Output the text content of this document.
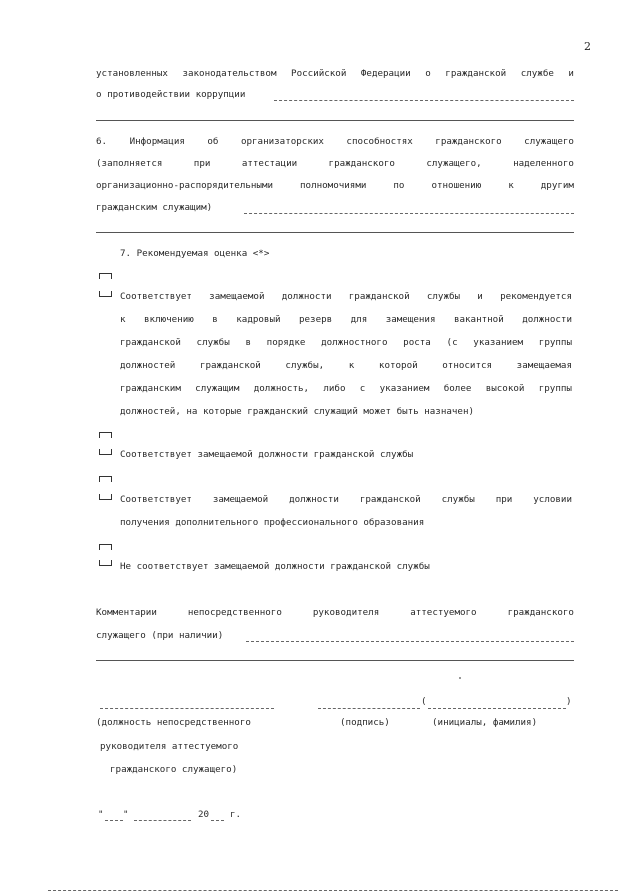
2
установленных законодательством Российской Федерации о гражданской службе и
о противодействии коррупции
6. Информация об организаторских способностях гражданского служащего
(заполняется	при	аттестации	гражданского	служащего,	наделенного
организационно-распорядительными	полномочиями	по	отношению	к	другим
гражданским служащим)
7. Рекомендуемая оценка <*>
Соответствует замещаемой должности гражданской службы и рекомендуется
к включению в кадровый резерв для замещения вакантной должности
гражданской службы в порядке должностного роста (с указанием группы
должностей	гражданской	службы,	к	которой	относится	замещаемая
гражданским служащим должность, либо с указанием более высокой группы
должностей, на которые гражданский служащий может быть назначен)
Соответствует замещаемой должности гражданской службы
Соответствует замещаемой должности гражданской службы при условии
получения дополнительного профессионального образования
Не соответствует замещаемой должности гражданской службы
Комментарии	непосредственного	руководителя	аттестуемого	гражданского
служащего (при наличии)
(	)
(должность непосредственного	(подпись)	(инициалы, фамилия)
руководителя аттестуемого
гражданского служащего)
" "	20 г.
